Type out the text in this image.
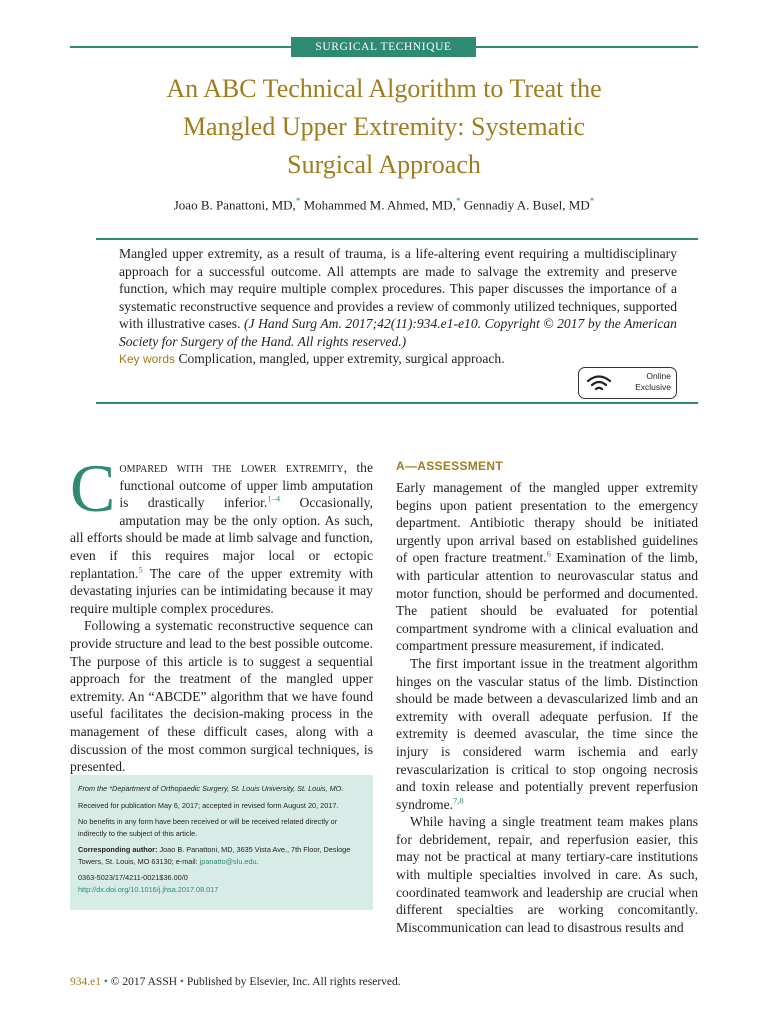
SURGICAL TECHNIQUE
An ABC Technical Algorithm to Treat the
Mangled Upper Extremity: Systematic
Surgical Approach
Joao B. Panattoni, MD,* Mohammed M. Ahmed, MD,* Gennadiy A. Busel, MD*
Mangled upper extremity, as a result of trauma, is a life-altering event requiring a multidisciplinary approach for a successful outcome. All attempts are made to salvage the extremity and preserve function, which may require multiple complex procedures. This paper discusses the importance of a systematic reconstructive sequence and provides a review of commonly utilized techniques, supported with illustrative cases. (J Hand Surg Am. 2017;42(11):934.e1-e10. Copyright © 2017 by the American Society for Surgery of the Hand. All rights reserved.)
Key words Complication, mangled, upper extremity, surgical approach.
Online
Exclusive

Compared with the lower extremity, the functional outcome of upper limb amputation is drastically inferior.$^{1-4}$ Occasionally, amputation may be the only option. As such, all efforts should be made at limb salvage and function, even if this requires major local or ectopic replantation.$^5$ The care of the upper extremity with devastating injuries can be intimidating because it may require multiple complex procedures.

Following a systematic reconstructive sequence can provide structure and lead to the best possible outcome. The purpose of this article is to suggest a sequential approach for the treatment of the mangled upper extremity. An “ABCDE” algorithm that we have found useful facilitates the decision-making process in the management of these difficult cases, along with a discussion of the most common surgical techniques, is presented.

A—ASSESSMENT

Early management of the mangled upper extremity begins upon patient presentation to the emergency department. Antibiotic therapy should be initiated urgently upon arrival based on established guidelines of open fracture treatment.$^6$ Examination of the limb, with particular attention to neurovascular status and motor function, should be performed and documented. The patient should be evaluated for potential compartment syndrome with a clinical evaluation and compartment pressure measurement, if indicated.

The first important issue in the treatment algorithm hinges on the vascular status of the limb. Distinction should be made between a devascularized limb and an extremity with overall adequate perfusion. If the extremity is deemed avascular, the time since the injury is considered warm ischemia and early revascularization is critical to stop ongoing necrosis and toxin release and potentially prevent reperfusion syndrome.$^{7,8}$

While having a single treatment team makes plans for debridement, repair, and reperfusion easier, this may not be practical at many tertiary-care institutions with multiple specialties involved in care. As such, coordinated teamwork and leadership are crucial when different specialties are working concomitantly. Miscommunication can lead to disastrous results and

From the *Department of Orthopaedic Surgery, St. Louis University, St. Louis, MO.

Received for publication May 6, 2017; accepted in revised form August 20, 2017.

No benefits in any form have been received or will be received related directly or indirectly to the subject of this article.

Corresponding author: Joao B. Panattoni, MD, 3635 Vista Ave., 7th Floor, Desloge Towers, St. Louis, MO 63130; e-mail: jpanatto@slu.edu.

0363-5023/17/4211-0021$36.00/0
http://dx.doi.org/10.1016/j.jhsa.2017.08.017

934.e1 • © 2017 ASSH • Published by Elsevier, Inc. All rights reserved.
